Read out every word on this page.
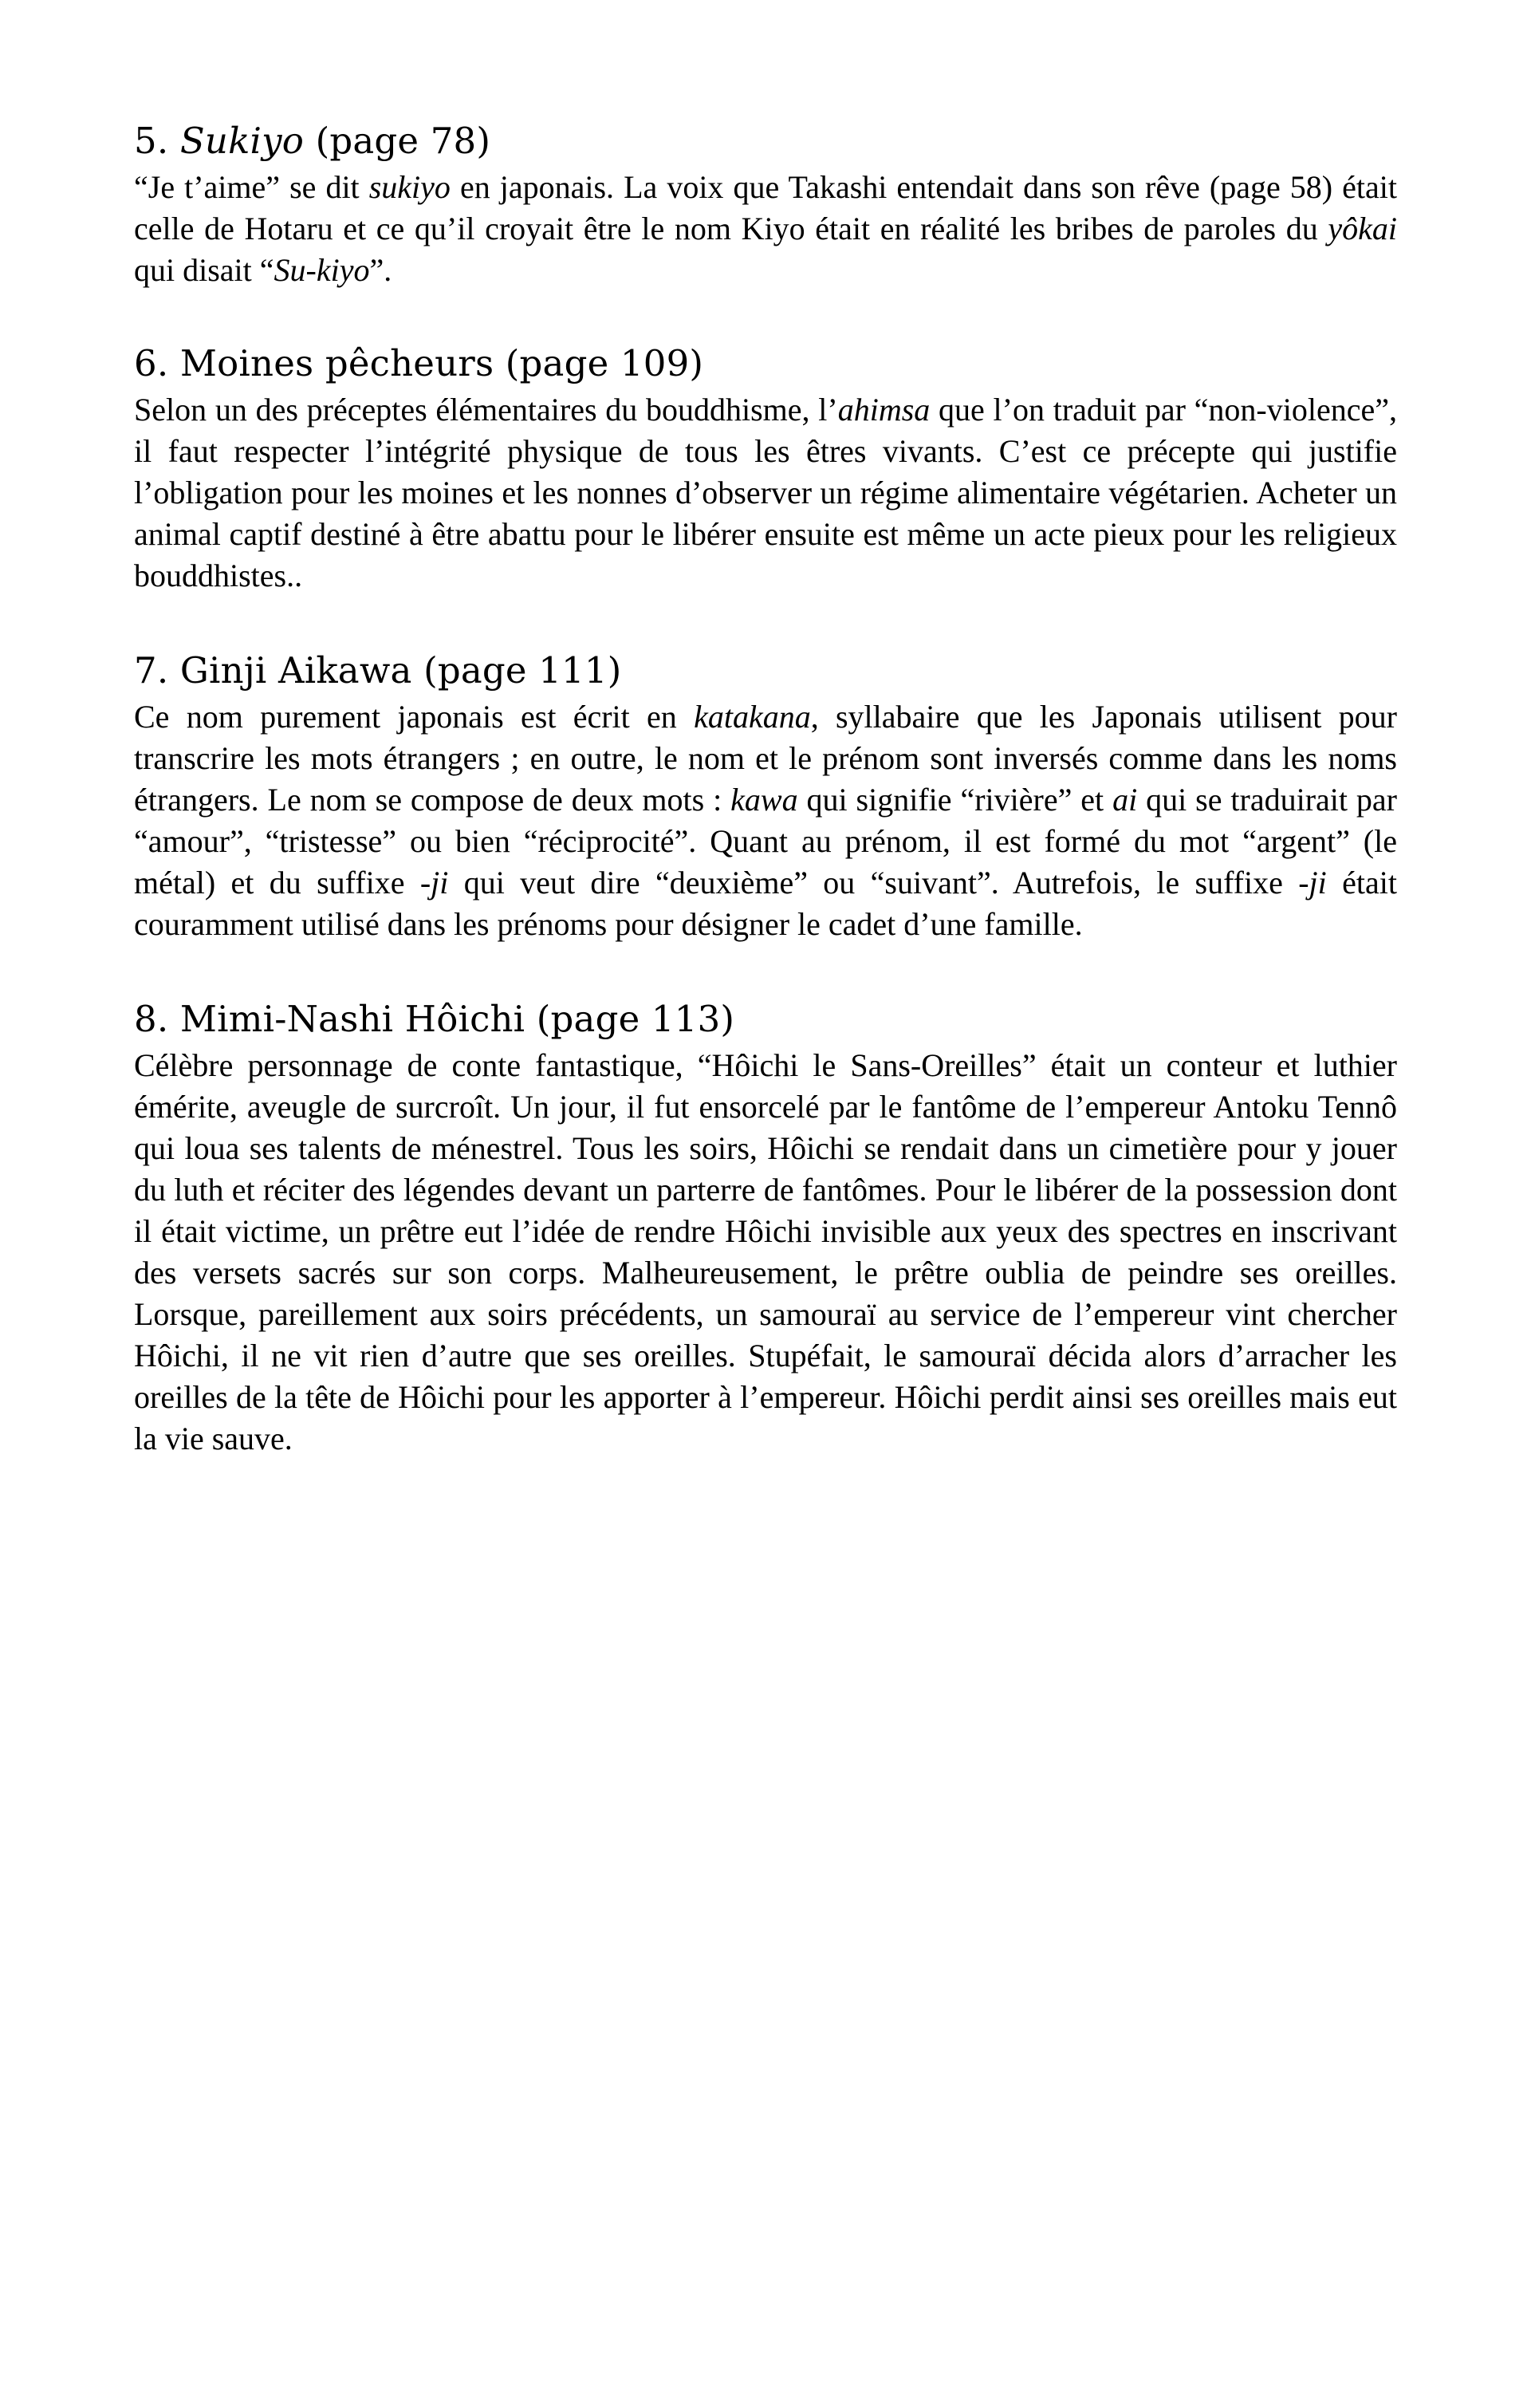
5. Sukiyo (page 78)

“Je t’aime” se dit sukiyo en japonais. La voix que Takashi entendait dans son rêve (page 58) était celle de Hotaru et ce qu’il croyait être le nom Kiyo était en réalité les bribes de paroles du yôkai qui disait “Su-kiyo”.

6. Moines pêcheurs (page 109)

Selon un des préceptes élémentaires du bouddhisme, l’ahimsa que l’on traduit par “non-violence”, il faut respecter l’intégrité physique de tous les êtres vivants. C’est ce précepte qui justifie l’obligation pour les moines et les nonnes d’observer un régime alimentaire végétarien. Acheter un animal captif destiné à être abattu pour le libérer ensuite est même un acte pieux pour les religieux bouddhistes..

7. Ginji Aikawa (page 111)

Ce nom purement japonais est écrit en katakana, syllabaire que les Japonais utilisent pour transcrire les mots étrangers ; en outre, le nom et le prénom sont inversés comme dans les noms étrangers. Le nom se compose de deux mots : kawa qui signifie “rivière” et ai qui se traduirait par “amour”, “tristesse” ou bien “réciprocité”. Quant au prénom, il est formé du mot “argent” (le métal) et du suffixe -ji qui veut dire “deuxième” ou “suivant”. Autrefois, le suffixe -ji était couramment utilisé dans les prénoms pour désigner le cadet d’une famille.

8. Mimi-Nashi Hôichi (page 113)

Célèbre personnage de conte fantastique, “Hôichi le Sans-Oreilles” était un conteur et luthier émérite, aveugle de surcroît. Un jour, il fut ensorcelé par le fantôme de l’empereur Antoku Tennô qui loua ses talents de ménestrel. Tous les soirs, Hôichi se rendait dans un cimetière pour y jouer du luth et réciter des légendes devant un parterre de fantômes. Pour le libérer de la possession dont il était victime, un prêtre eut l’idée de rendre Hôichi invisible aux yeux des spectres en inscrivant des versets sacrés sur son corps. Malheureusement, le prêtre oublia de peindre ses oreilles. Lorsque, pareillement aux soirs précédents, un samouraï au service de l’empereur vint chercher Hôichi, il ne vit rien d’autre que ses oreilles. Stupéfait, le samouraï décida alors d’arracher les oreilles de la tête de Hôichi pour les apporter à l’empereur. Hôichi perdit ainsi ses oreilles mais eut la vie sauve.
